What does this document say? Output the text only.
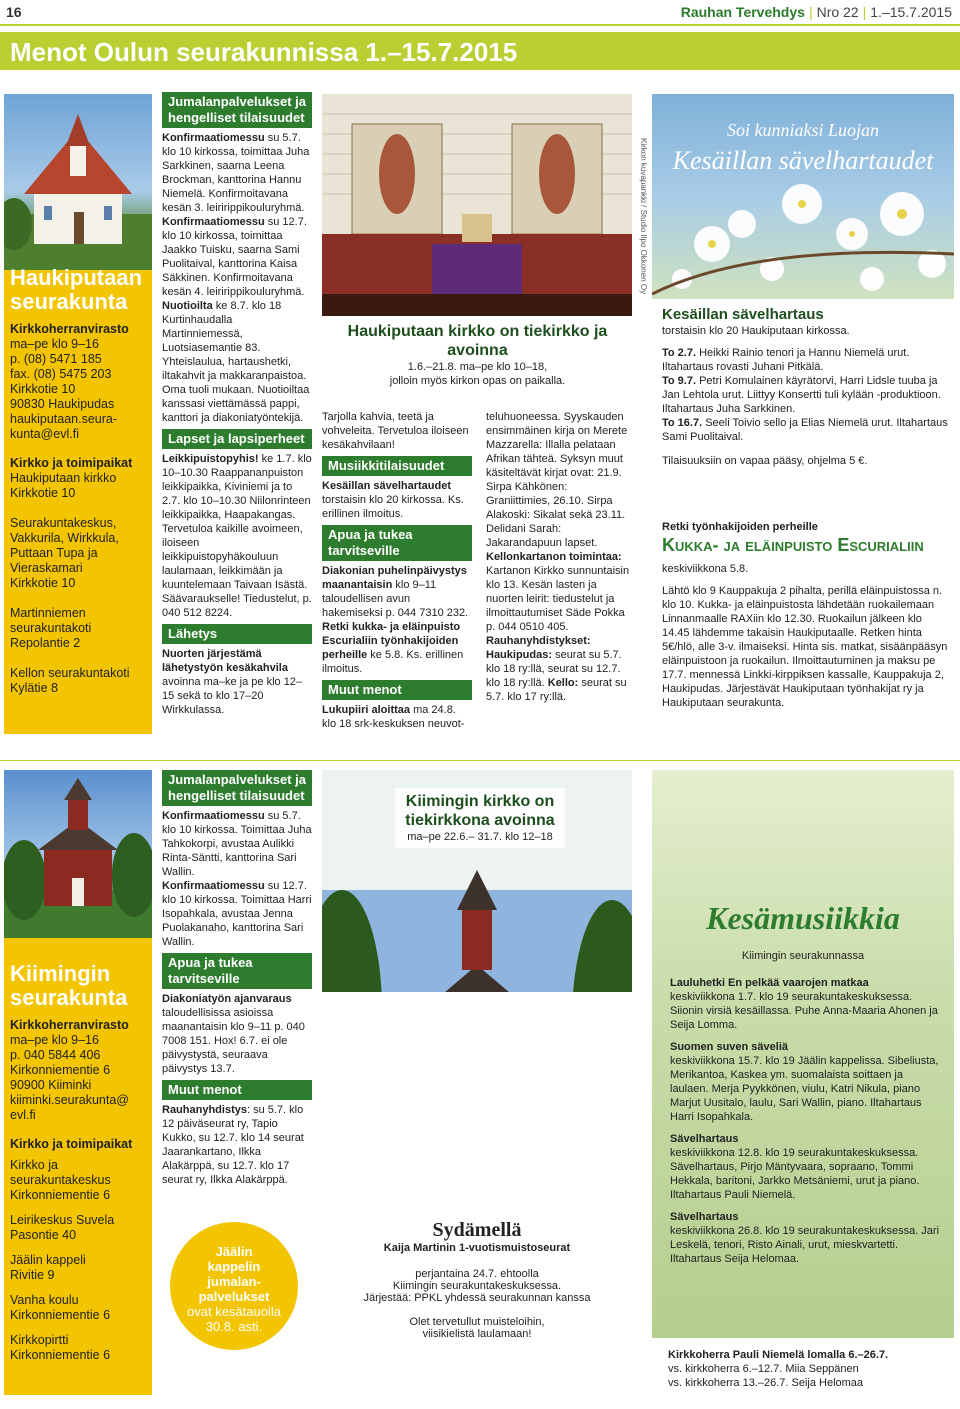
16	Rauhan Tervehdys | Nro 22 | 1.–15.7.2015
Menot Oulun seurakunnissa 1.–15.7.2015
Haukiputaan
seurakunta
Kirkkoherranvirasto
ma–pe klo 9–16
p. (08) 5471 185
fax. (08) 5475 203
Kirkkotie 10
90830 Haukipudas
haukiputaan.seura-
kunta@evl.fi
Kirkko ja toimipaikat
Haukiputaan kirkko
Kirkkotie 10
Seurakuntakeskus,
Vakkurila, Wirkkula,
Puttaan Tupa ja
Vieraskamari
Kirkkotie 10
Martinniemen
seurakuntakoti
Repolantie 2
Kellon seurakuntakoti
Kylätie 8
Jumalanpalvelukset ja hengelliset tilaisuudet

Konfirmaatiomessu su 5.7. klo 10 kirkossa, toimittaa Juha Sarkkinen, saarna Leena Brockman, kanttorina Hannu Niemelä. Konfirmoitavana kesän 3. leiririppikouluryhmä.

Konfirmaatiomessu su 12.7. klo 10 kirkossa, toimittaa Jaakko Tuisku, saarna Sami Puolitaival, kanttorina Kaisa Säkkinen. Konfirmoitavana kesän 4. leiririppikouluryhmä.

Nuotioilta ke 8.7. klo 18 Kurtinhaudalla Martinniemessä, Luotsiasemantie 83. Yhteislaulua, hartaushetki, iltakahvit ja makkaranpaistoa. Oma tuoli mukaan. Nuotioiltaa kanssasi viettämässä pappi, kanttori ja diakoniatyöntekijä.

Lapset ja lapsiperheet

Leikkipuistopyhis! ke 1.7. klo 10–10.30 Raappananpuiston leikkipaikka, Kiviniemi ja to 2.7. klo 10–10.30 Niilonrinteen leikkipaikka, Haapakangas. Tervetuloa kaikille avoimeen, iloiseen leikkipuistopyhäkouluun laulamaan, leikkimään ja kuuntelemaan Taivaan Isästä. Säävaraukselle! Tiedustelut, p. 040 512 8224.

Lähetys

Nuorten järjestämä lähetystyön kesäkahvila avoinna ma–ke ja pe klo 12–15 sekä to klo 17–20 Wirkkulassa.

Haukiputaan kirkko on tiekirkko ja avoinna
1.6.–21.8. ma–pe klo 10–18,
jolloin myös kirkon opas on paikalla.

Tarjolla kahvia, teetä ja vohveleita. Tervetuloa iloiseen kesäkahvilaan!

Musiikkitilaisuudet

Kesäillan sävelhartaudet torstaisin klo 20 kirkossa. Ks. erillinen ilmoitus.

Apua ja tukea tarvitseville

Diakonian puhelinpäivystys maanantaisin klo 9–11 taloudellisen avun hakemiseksi p. 044 7310 232.

Retki kukka- ja eläinpuisto Escurialiin työnhakijoiden perheille ke 5.8. Ks. erillinen ilmoitus.

Muut menot

Lukupiiri aloittaa ma 24.8. klo 18 srk-keskuksen neuvot-

teluhuoneessa. Syyskauden ensimmäinen kirja on Merete Mazzarella: Illalla pelataan Afrikan tähteä. Syksyn muut käsiteltävät kirjat ovat: 21.9. Sirpa Kähkönen: Graniittimies, 26.10. Sirpa Alakoski: Sikalat sekä 23.11. Delidani Sarah: Jakarandapuun lapset.

Kellonkartanon toimintaa: Kartanon Kirkko sunnuntaisin klo 13. Kesän lasten ja nuorten leirit: tiedustelut ja ilmoittautumiset Säde Pokka p. 044 0510 405.

Rauhanyhdistykset: Haukipudas: seurat su 5.7. klo 18 ry:llä, seurat su 12.7. klo 18 ry:llä. Kello: seurat su 5.7. klo 17 ry:llä.

Kirkon kuvapankki / Studio Ilpo Okkonen Oy
Soi kunniaksi Luojan
Kesäillan sävelhartaudet
Kesäillan sävelhartaus

torstaisin klo 20 Haukiputaan kirkossa.

To 2.7. Heikki Rainio tenori ja Hannu Niemelä urut. Iltahartaus rovasti Juhani Pitkälä.

To 9.7. Petri Komulainen käyrätorvi, Harri Lidsle tuuba ja Jan Lehtola urut. Liittyy Konsertti tuli kylään -produktioon. Iltahartaus Juha Sarkkinen.

To 16.7. Seeli Toivio sello ja Elias Niemelä urut. Iltahartaus Sami Puolitaival.

Tilaisuuksiin on vapaa pääsy, ohjelma 5 €.

Retki työnhakijoiden perheille
Kukka- ja eläinpuisto Escurialiin

keskiviikkona 5.8.

Lähtö klo 9 Kauppakuja 2 pihalta, perillä eläinpuistossa n. klo 10. Kukka- ja eläinpuistosta lähdetään ruokailemaan Linnanmaalle RAXiin klo 12.30. Ruokailun jälkeen klo 14.45 lähdemme takaisin Haukiputaalle. Retken hinta 5€/hlö, alle 3-v. ilmaiseksi. Hinta sis. matkat, sisäänpääsyn eläinpuistoon ja ruokailun. Ilmoittautuminen ja maksu pe 17.7. mennessä Linkki-kirppiksen kassalle, Kauppakuja 2, Haukipudas. Järjestävät Haukiputaan työnhakijat ry ja Haukiputaan seurakunta.

Kiimingin
seurakunta
Kirkkoherranvirasto
ma–pe klo 9–16
p. 040 5844 406
Kirkonniementie 6
90900 Kiiminki
kiiminki.seurakunta@
evl.fi
Kirkko ja toimipaikat
Kirkko ja
seurakuntakeskus
Kirkonniementie 6
Leirikeskus Suvela
Pasontie 40
Jäälin kappeli
Rivitie 9
Vanha koulu
Kirkonniementie 6
Kirkkopirtti
Kirkonniementie 6
Jumalanpalvelukset ja hengelliset tilaisuudet

Konfirmaatiomessu su 5.7. klo 10 kirkossa. Toimittaa Juha Tahkokorpi, avustaa Aulikki Rinta-Säntti, kanttorina Sari Wallin.

Konfirmaatiomessu su 12.7. klo 10 kirkossa. Toimittaa Harri Isopahkala, avustaa Jenna Puolakanaho, kanttorina Sari Wallin.

Apua ja tukea tarvitseville

Diakoniatyön ajanvaraus taloudellisissa asioissa maanantaisin klo 9–11 p. 040 7008 151. Hox! 6.7. ei ole päivystystä, seuraava päivystys 13.7.

Muut menot

Rauhanyhdistys: su 5.7. klo 12 päiväseurat ry, Tapio Kukko, su 12.7. klo 14 seurat Jaarankartano, Ilkka Alakärppä, su 12.7. klo 17 seurat ry, Ilkka Alakärppä.

Kiimingin kirkko on tiekirkkona avoinna
ma–pe 22.6.– 31.7. klo 12–18
Sydämellä
Kaija Martinin 1-vuotismuistoseurat
perjantaina 24.7. ehtoolla
Kiimingin seurakuntakeskuksessa.
Järjestää: PPKL yhdessä seurakunnan kanssa
Olet tervetullut muisteloihin,
viisikielistä laulamaan!
Jäälin
kappelin
jumalan-
palvelukset
ovat kesätauolla
30.8. asti.
Kesämusiikkia
Kiimingin seurakunnassa

Lauluhetki En pelkää vaarojen matkaa

keskiviikkona 1.7. klo 19 seurakuntakeskuksessa. Siionin virsiä kesäillassa. Puhe Anna-Maaria Ahonen ja Seija Lomma.

Suomen suven säveliä

keskiviikkona 15.7. klo 19 Jäälin kappelissa. Sibeliusta, Merikantoa, Kaskea ym. suomalaista soittaen ja laulaen. Merja Pyykkönen, viulu, Katri Nikula, piano Marjut Uusitalo, laulu, Sari Wallin, piano. Iltahartaus Harri Isopahkala.

Sävelhartaus

keskiviikkona 12.8. klo 19 seurakuntakeskuksessa. Sävelhartaus, Pirjo Mäntyvaara, sopraano, Tommi Hekkala, baritoni, Jarkko Metsäniemi, urut ja piano. Iltahartaus Pauli Niemelä.

Sävelhartaus

keskiviikkona 26.8. klo 19 seurakuntakeskuksessa. Jari Leskelä, tenori, Risto Ainali, urut, mieskvartetti. Iltahartaus Seija Helomaa.

Kirkkoherra Pauli Niemelä lomalla 6.–26.7.

vs. kirkkoherra 6.–12.7. Miia Seppänen

vs. kirkkoherra 13.–26.7. Seija Helomaa
